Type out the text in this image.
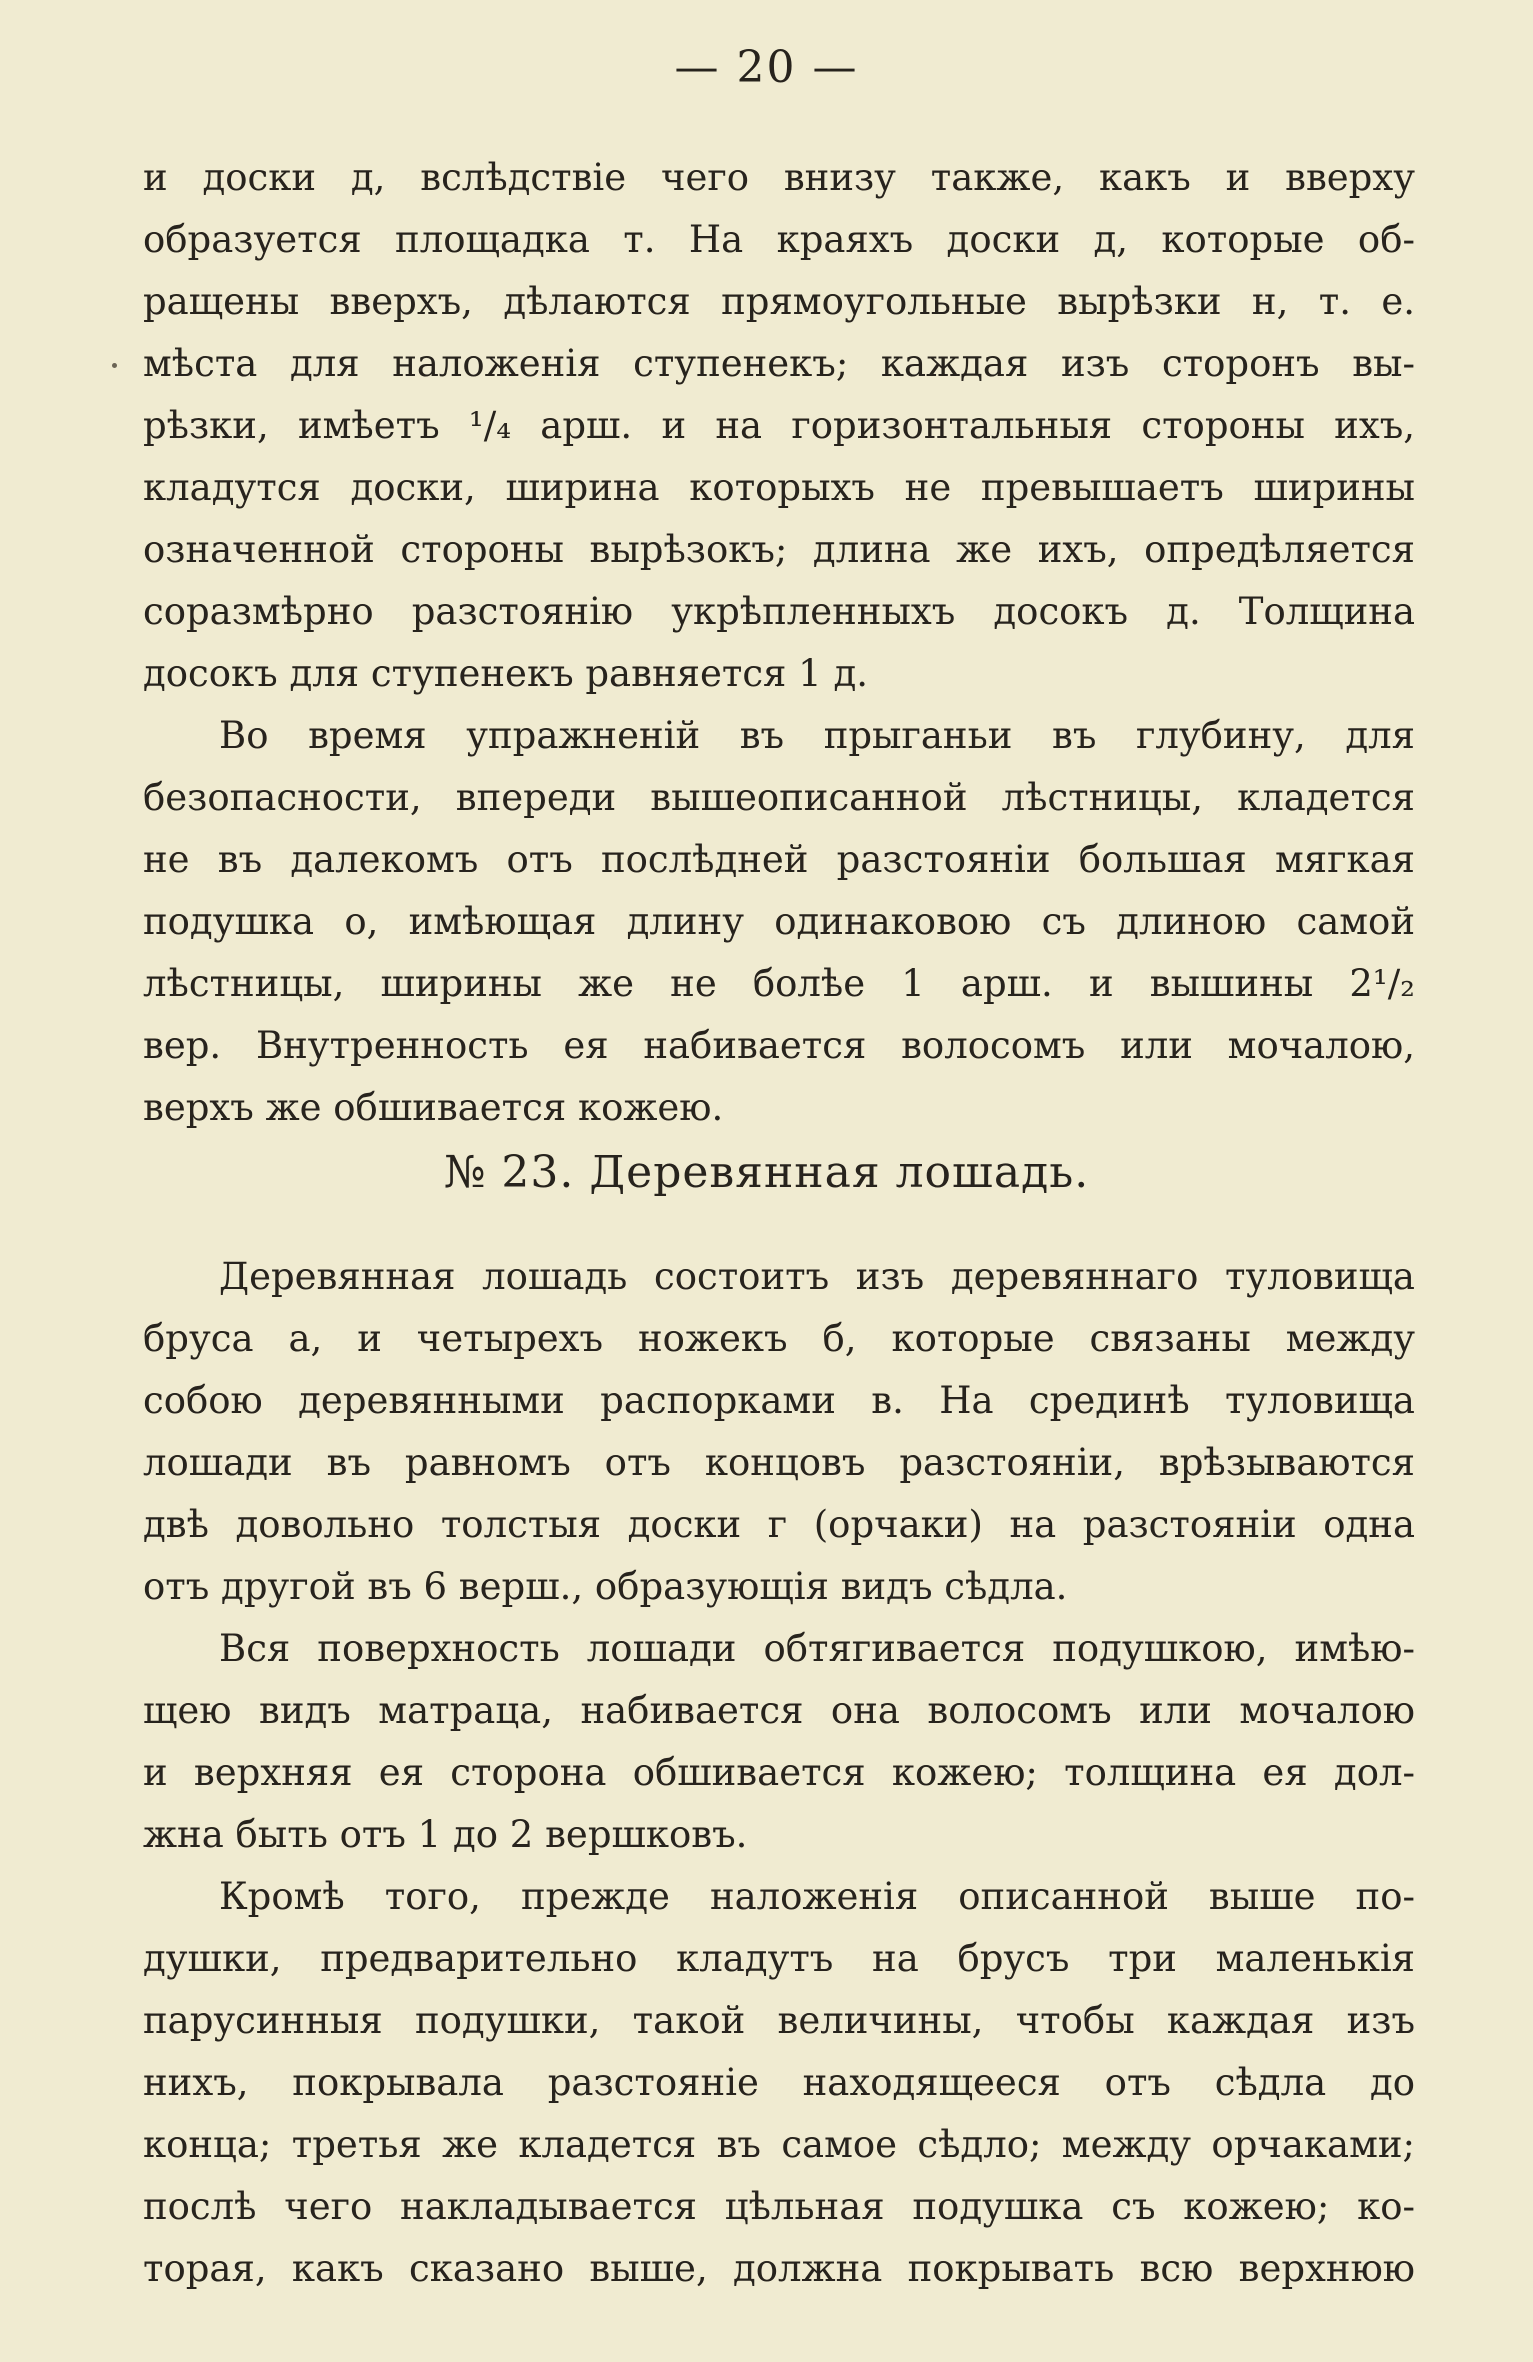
— 20 —
и доски д, вслѣдствіе чего внизу также, какъ и вверху
образуется площадка т. На краяхъ доски д, которые об-
ращены вверхъ, дѣлаются прямоугольные вырѣзки н, т. е.
мѣста для наложенія ступенекъ; каждая изъ сторонъ вы-
рѣзки, имѣетъ ¹/₄ арш. и на горизонтальныя стороны ихъ,
кладутся доски, ширина которыхъ не превышаетъ ширины
означенной стороны вырѣзокъ; длина же ихъ, опредѣляется
соразмѣрно разстоянію укрѣпленныхъ досокъ д. Толщина
досокъ для ступенекъ равняется 1 д.
Во время упражненій въ прыганьи въ глубину, для
безопасности, впереди вышеописанной лѣстницы, кладется
не въ далекомъ отъ послѣдней разстояніи большая мягкая
подушка о, имѣющая длину одинаковою съ длиною самой
лѣстницы, ширины же не болѣе 1 арш. и вышины 2¹/₂
вер. Внутренность ея набивается волосомъ или мочалою,
верхъ же обшивается кожею.
№ 23. Деревянная лошадь.
Деревянная лошадь состоитъ изъ деревяннаго туловища
бруса а, и четырехъ ножекъ б, которые связаны между
собою деревянными распорками в. На срединѣ туловища
лошади въ равномъ отъ концовъ разстояніи, врѣзываются
двѣ довольно толстыя доски г (орчаки) на разстояніи одна
отъ другой въ 6 верш., образующія видъ сѣдла.
Вся поверхность лошади обтягивается подушкою, имѣю-
щею видъ матраца, набивается она волосомъ или мочалою
и верхняя ея сторона обшивается кожею; толщина ея дол-
жна быть отъ 1 до 2 вершковъ.
Кромѣ того, прежде наложенія описанной выше по-
душки, предварительно кладутъ на брусъ три маленькія
парусинныя подушки, такой величины, чтобы каждая изъ
нихъ, покрывала разстояніе находящееся отъ сѣдла до
конца; третья же кладется въ самое сѣдло; между орчаками;
послѣ чего накладывается цѣльная подушка съ кожею; ко-
торая, какъ сказано выше, должна покрывать всю верхнюю
